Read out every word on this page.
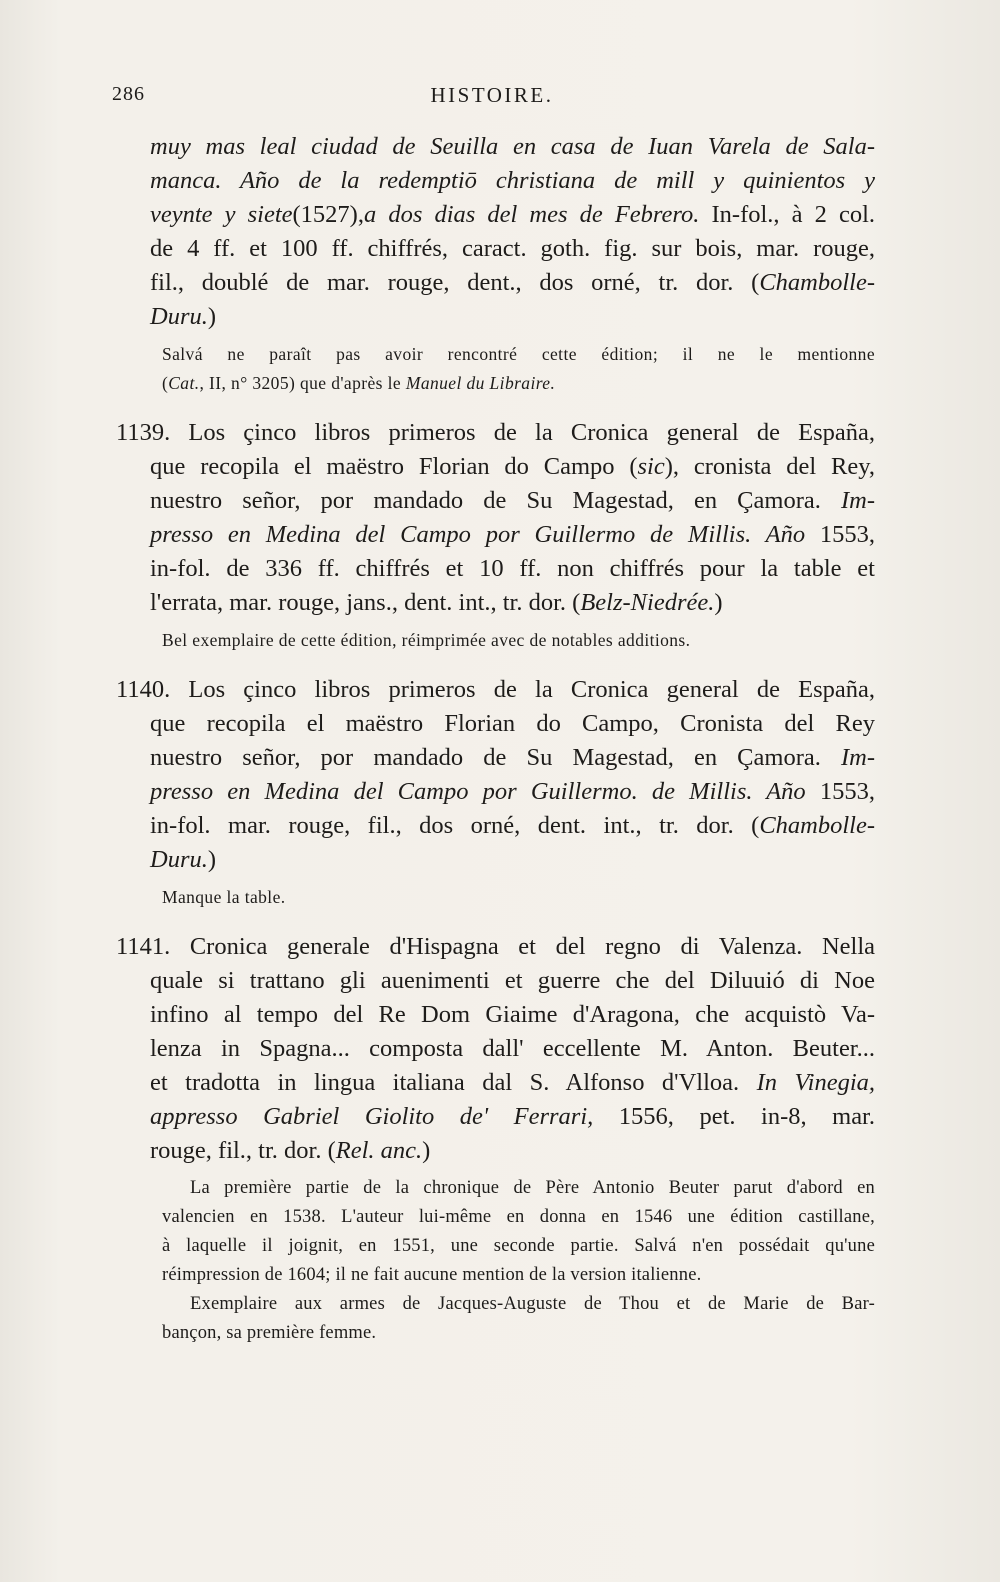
286	HISTOIRE.
muy mas leal ciudad de Seuilla en casa de Iuan Varela de Sala-
manca. Año de la redemptiō christiana de mill y quinientos y
veynte y siete(1527),a dos dias del mes de Febrero. In-fol., à 2 col.
de 4 ff. et 100 ff. chiffrés, caract. goth. fig. sur bois, mar. rouge,
fil., doublé de mar. rouge, dent., dos orné, tr. dor. (Chambolle-
Duru.)
Salvá ne paraît pas avoir rencontré cette édition; il ne le mentionne
(Cat., II, n° 3205) que d'après le Manuel du Libraire.
1139. Los çinco libros primeros de la Cronica general de España,
que recopila el maëstro Florian do Campo (sic), cronista del Rey,
nuestro señor, por mandado de Su Magestad, en Çamora. Im-
presso en Medina del Campo por Guillermo de Millis. Año 1553,
in-fol. de 336 ff. chiffrés et 10 ff. non chiffrés pour la table et
l'errata, mar. rouge, jans., dent. int., tr. dor. (Belz-Niedrée.)
Bel exemplaire de cette édition, réimprimée avec de notables additions.
1140. Los çinco libros primeros de la Cronica general de España,
que recopila el maëstro Florian do Campo, Cronista del Rey
nuestro señor, por mandado de Su Magestad, en Çamora. Im-
presso en Medina del Campo por Guillermo. de Millis. Año 1553,
in-fol. mar. rouge, fil., dos orné, dent. int., tr. dor. (Chambolle-
Duru.)
Manque la table.
1141. Cronica generale d'Hispagna et del regno di Valenza. Nella
quale si trattano gli auenimenti et guerre che del Diluuió di Noe
infino al tempo del Re Dom Giaime d'Aragona, che acquistò Va-
lenza in Spagna... composta dall' eccellente M. Anton. Beuter...
et tradotta in lingua italiana dal S. Alfonso d'Vlloa. In Vinegia,
appresso Gabriel Giolito de' Ferrari, 1556, pet. in-8, mar.
rouge, fil., tr. dor. (Rel. anc.)
La première partie de la chronique de Père Antonio Beuter parut d'abord en
valencien en 1538. L'auteur lui-même en donna en 1546 une édition castillane,
à laquelle il joignit, en 1551, une seconde partie. Salvá n'en possédait qu'une
réimpression de 1604; il ne fait aucune mention de la version italienne.
Exemplaire aux armes de Jacques-Auguste de Thou et de Marie de Bar-
bançon, sa première femme.
